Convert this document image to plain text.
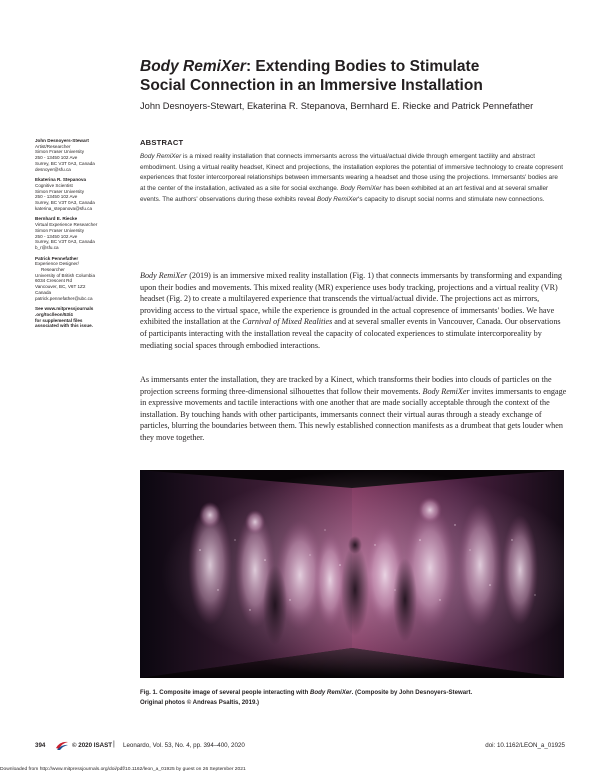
Body RemiXer: Extending Bodies to Stimulate
Social Connection in an Immersive Installation
John Desnoyers-Stewart, Ekaterina R. Stepanova, Bernhard E. Riecke and Patrick Pennefather
John Desnoyers-Stewart
Artist/Researcher
Simon Fraser University
250 - 13450 102 Ave
Surrey, BC V3T 0A3, Canada
desnoyer@sfu.ca
Ekaterina R. Stepanova
Cognitive Scientist
Simon Fraser University
250 - 13450 102 Ave
Surrey, BC V3T 0A3, Canada
katerina_stepanova@sfu.ca
Bernhard E. Riecke
Virtual Experience Researcher
Simon Fraser University
250 - 13450 102 Ave
Surrey, BC V3T 0A3, Canada
b_r@sfu.ca
Patrick Pennefather
Experience Designer/
Researcher
University of British Columbia
6034 Crescent Rd
Vancouver, BC, V6T 1Z2
Canada
patrick.pennefather@ubc.ca
See www.mitpressjournals
.org/toc/leon/53/4
for supplemental files
associated with this issue.
ABSTRACT
Body RemiXer is a mixed reality installation that connects immersants across the virtual/actual divide through emergent tactility and abstract embodiment. Using a virtual reality headset, Kinect and projections, the installation explores the potential of immersive technology to create copresent experiences that foster intercorporeal relationships between immersants wearing a headset and those using the projections. Immersants' bodies are at the center of the installation, activated as a site for social exchange. Body RemiXer has been exhibited at an art festival and at several smaller events. The authors' observations during these exhibits reveal Body RemiXer's capacity to disrupt social norms and stimulate new connections.
Body RemiXer (2019) is an immersive mixed reality installation (Fig. 1) that connects immersants by transforming and expanding upon their bodies and movements. This mixed reality (MR) experience uses body tracking, projections and a virtual reality (VR) headset (Fig. 2) to create a multilayered experience that transcends the virtual/actual divide. The projections act as mirrors, providing access to the virtual space, while the experience is grounded in the actual copresence of immersants' bodies. We have exhibited the installation at the Carnival of Mixed Realities and at several smaller events in Vancouver, Canada. Our observations of participants interacting with the installation reveal the capacity of colocated experiences to stimulate intercorporeality by mediating social spaces through embodied interactions.
As immersants enter the installation, they are tracked by a Kinect, which transforms their bodies into clouds of particles on the projection screens forming three-dimensional silhouettes that follow their movements. Body RemiXer invites immersants to engage in expressive movements and tactile interactions with one another that are made socially acceptable through the context of the installation. By touching hands with other participants, immersants connect their virtual auras through a steady exchange of particles, blurring the boundaries between them. This newly established connection manifests as a drumbeat that gets louder when they move together.
Fig. 1. Composite image of several people interacting with Body RemiXer. (Composite by John Desnoyers-Stewart.
Original photos © Andreas Psaltis, 2019.)
394	© 2020 ISAST | Leonardo, Vol. 53, No. 4, pp. 394–400, 2020	doi: 10.1162/LEON_a_01925
Downloaded from http://www.mitpressjournals.org/doi/pdf/10.1162/leon_a_01925 by guest on 26 September 2021
